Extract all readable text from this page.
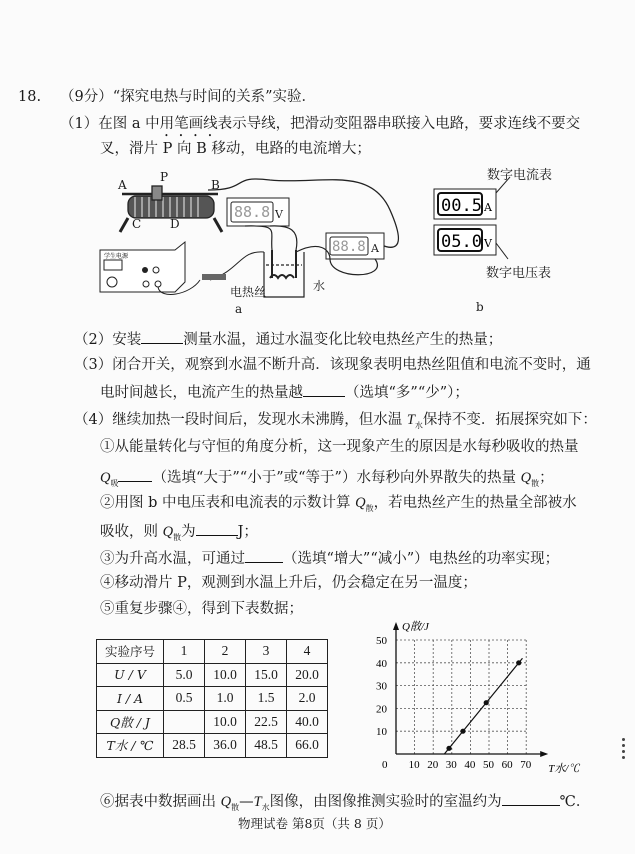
18. （9分）“探究电热与时间的关系”实验．
（1）在图 a 中用笔画线表示导线，把滑动变阻器串联接入电路，要求连线不要交
叉，滑片 P 向 B 移动，电路的电流增大；
88.8 V
88.8 A
学生电源
电热丝	水
A
P
B
C D
a
数字电流表
00.5 A
05.0 V
数字电压表
b
（2）安装	测量水温，通过水温变化比较电热丝产生的热量；
（3）闭合开关，观察到水温不断升高．该现象表明电热丝阻值和电流不变时，通
电时间越长，电流产生的热量越	（选填“多”“少”）；
（4）继续加热一段时间后，发现水未沸腾，但水温 $T_水$保持不变．拓展探究如下：
①从能量转化与守恒的角度分析，这一现象产生的原因是水每秒吸收的热量
$Q_吸$ （选填“大于”“小于”或“等于”）水每秒向外界散失的热量 $Q_散$；
②用图 b 中电压表和电流表的示数计算 $Q_散$，若电热丝产生的热量全部被水
吸收，则 $Q_散$为	J；
③为升高水温，可通过	（选填“增大”“减小”）电热丝的功率实现；
④移动滑片 P，观测到水温上升后，仍会稳定在另一温度；
⑤重复步骤④，得到下表数据；
实验序号	1	2	3	4
U / V	5.0	10.0	15.0	20.0
I / A	0.5	1.0	1.5	2.0
Q散 / J		10.0	22.5	40.0
T水 / ℃	28.5	36.0	48.5	66.0
0 10 20 30 40 50 60 70
10
20
30
40
50
T水/℃
Q散/J
⑥据表中数据画出 $Q_散—T_水$图像，由图像推测实验时的室温约为	℃．
物理试卷 第8页（共 8 页）
